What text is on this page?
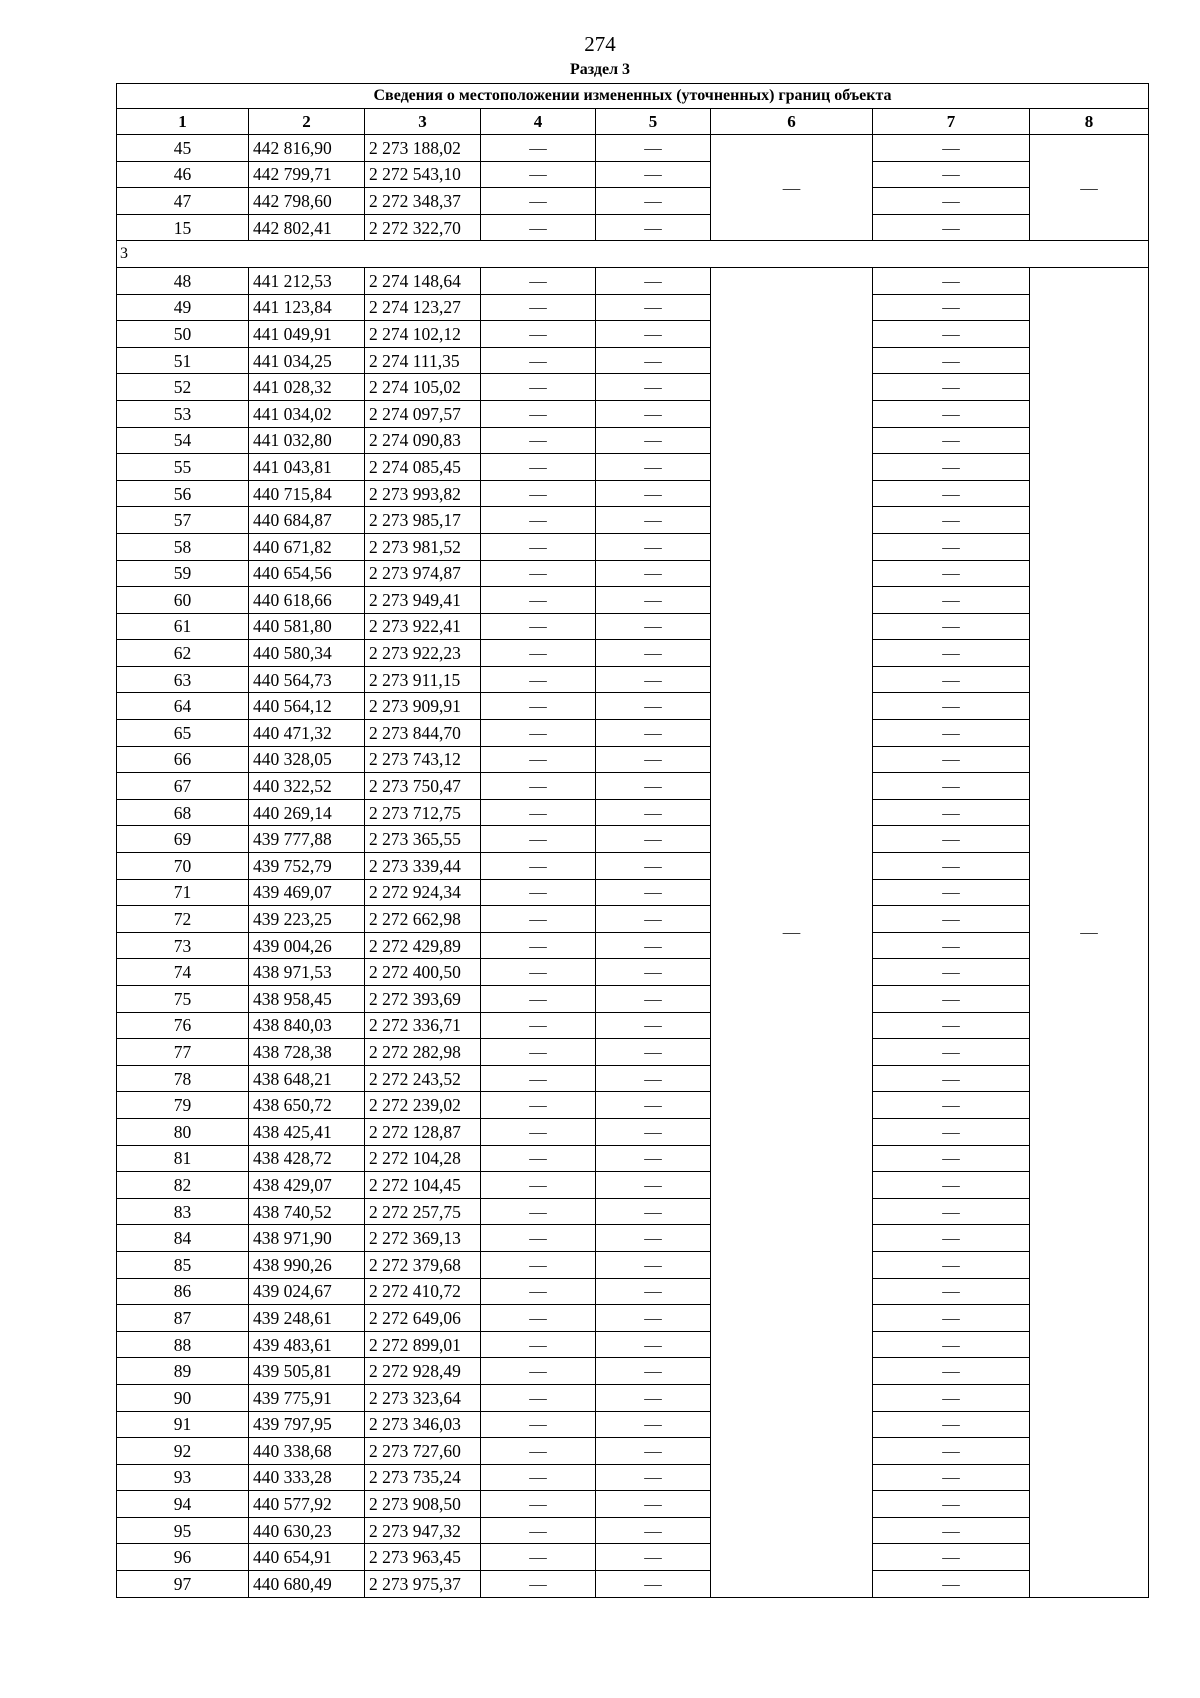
274
Раздел 3
Сведения о местоположении измененных (уточненных) границ объекта							
1	2	3	4	5	6	7	8
45	442 816,90	2 273 188,02	—	—	—	—	—
46	442 799,71	2 272 543,10	—	—		—	
47	442 798,60	2 272 348,37	—	—		—	
15	442 802,41	2 272 322,70	—	—		—	
3							
48	441 212,53	2 274 148,64	—	—	—	—	—
49	441 123,84	2 274 123,27	—	—		—	
50	441 049,91	2 274 102,12	—	—		—	
51	441 034,25	2 274 111,35	—	—		—	
52	441 028,32	2 274 105,02	—	—		—	
53	441 034,02	2 274 097,57	—	—		—	
54	441 032,80	2 274 090,83	—	—		—	
55	441 043,81	2 274 085,45	—	—		—	
56	440 715,84	2 273 993,82	—	—		—	
57	440 684,87	2 273 985,17	—	—		—	
58	440 671,82	2 273 981,52	—	—		—	
59	440 654,56	2 273 974,87	—	—		—	
60	440 618,66	2 273 949,41	—	—		—	
61	440 581,80	2 273 922,41	—	—		—	
62	440 580,34	2 273 922,23	—	—		—	
63	440 564,73	2 273 911,15	—	—		—	
64	440 564,12	2 273 909,91	—	—		—	
65	440 471,32	2 273 844,70	—	—		—	
66	440 328,05	2 273 743,12	—	—		—	
67	440 322,52	2 273 750,47	—	—		—	
68	440 269,14	2 273 712,75	—	—		—	
69	439 777,88	2 273 365,55	—	—		—	
70	439 752,79	2 273 339,44	—	—		—	
71	439 469,07	2 272 924,34	—	—		—	
72	439 223,25	2 272 662,98	—	—		—	
73	439 004,26	2 272 429,89	—	—		—	
74	438 971,53	2 272 400,50	—	—		—	
75	438 958,45	2 272 393,69	—	—		—	
76	438 840,03	2 272 336,71	—	—		—	
77	438 728,38	2 272 282,98	—	—		—	
78	438 648,21	2 272 243,52	—	—		—	
79	438 650,72	2 272 239,02	—	—		—	
80	438 425,41	2 272 128,87	—	—		—	
81	438 428,72	2 272 104,28	—	—		—	
82	438 429,07	2 272 104,45	—	—		—	
83	438 740,52	2 272 257,75	—	—		—	
84	438 971,90	2 272 369,13	—	—		—	
85	438 990,26	2 272 379,68	—	—		—	
86	439 024,67	2 272 410,72	—	—		—	
87	439 248,61	2 272 649,06	—	—		—	
88	439 483,61	2 272 899,01	—	—		—	
89	439 505,81	2 272 928,49	—	—		—	
90	439 775,91	2 273 323,64	—	—		—	
91	439 797,95	2 273 346,03	—	—		—	
92	440 338,68	2 273 727,60	—	—		—	
93	440 333,28	2 273 735,24	—	—		—	
94	440 577,92	2 273 908,50	—	—		—	
95	440 630,23	2 273 947,32	—	—		—	
96	440 654,91	2 273 963,45	—	—		—	
97	440 680,49	2 273 975,37	—	—		—	
